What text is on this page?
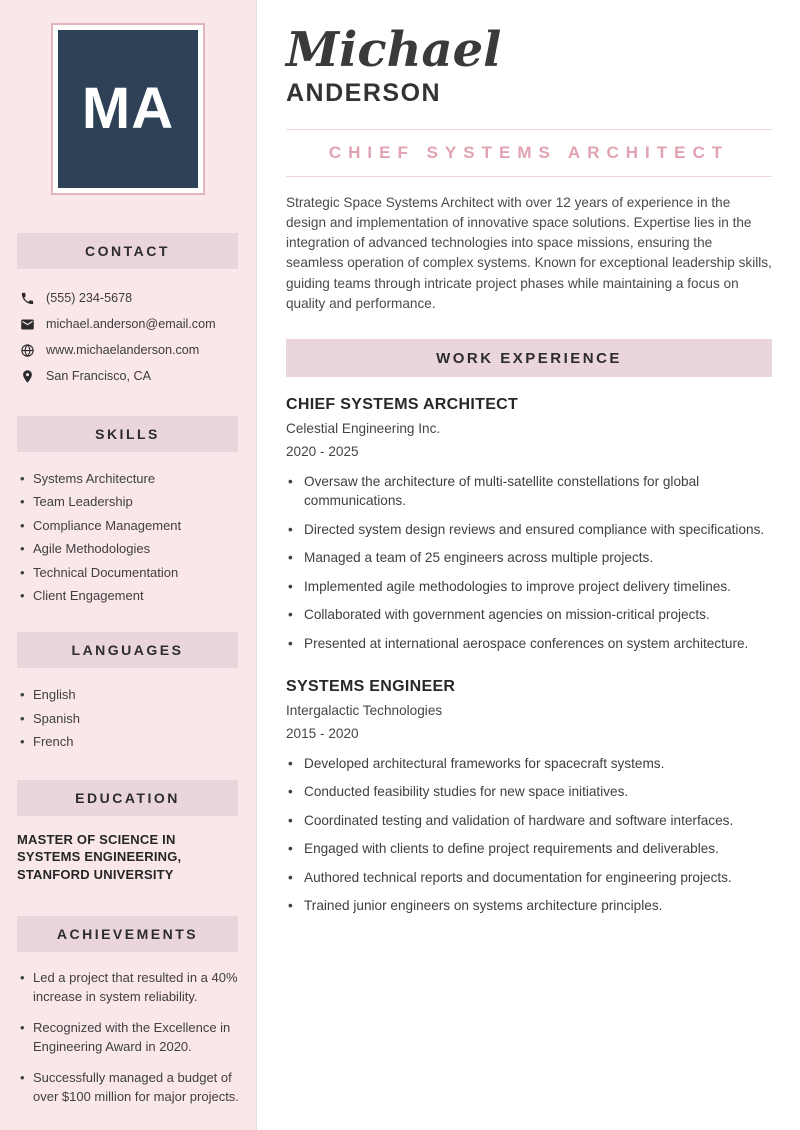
MA
CONTACT
(555) 234-5678
michael.anderson@email.com
www.michaelanderson.com
San Francisco, CA
SKILLS
• Systems Architecture
• Team Leadership
• Compliance Management
• Agile Methodologies
• Technical Documentation
• Client Engagement
LANGUAGES
• English
• Spanish
• French
EDUCATION
MASTER OF SCIENCE IN SYSTEMS ENGINEERING, STANFORD UNIVERSITY
ACHIEVEMENTS
• Led a project that resulted in a 40% increase in system reliability.
• Recognized with the Excellence in Engineering Award in 2020.
• Successfully managed a budget of over $100 million for major projects.
Michael
ANDERSON
CHIEF SYSTEMS ARCHITECT

Strategic Space Systems Architect with over 12 years of experience in the design and implementation of innovative space solutions. Expertise lies in the integration of advanced technologies into space missions, ensuring the seamless operation of complex systems. Known for exceptional leadership skills, guiding teams through intricate project phases while maintaining a focus on quality and performance.

WORK EXPERIENCE
CHIEF SYSTEMS ARCHITECT
Celestial Engineering Inc.
2020 - 2025
• Oversaw the architecture of multi-satellite constellations for global communications.
• Directed system design reviews and ensured compliance with specifications.
• Managed a team of 25 engineers across multiple projects.
• Implemented agile methodologies to improve project delivery timelines.
• Collaborated with government agencies on mission-critical projects.
• Presented at international aerospace conferences on system architecture.
SYSTEMS ENGINEER
Intergalactic Technologies
2015 - 2020
• Developed architectural frameworks for spacecraft systems.
• Conducted feasibility studies for new space initiatives.
• Coordinated testing and validation of hardware and software interfaces.
• Engaged with clients to define project requirements and deliverables.
• Authored technical reports and documentation for engineering projects.
• Trained junior engineers on systems architecture principles.
